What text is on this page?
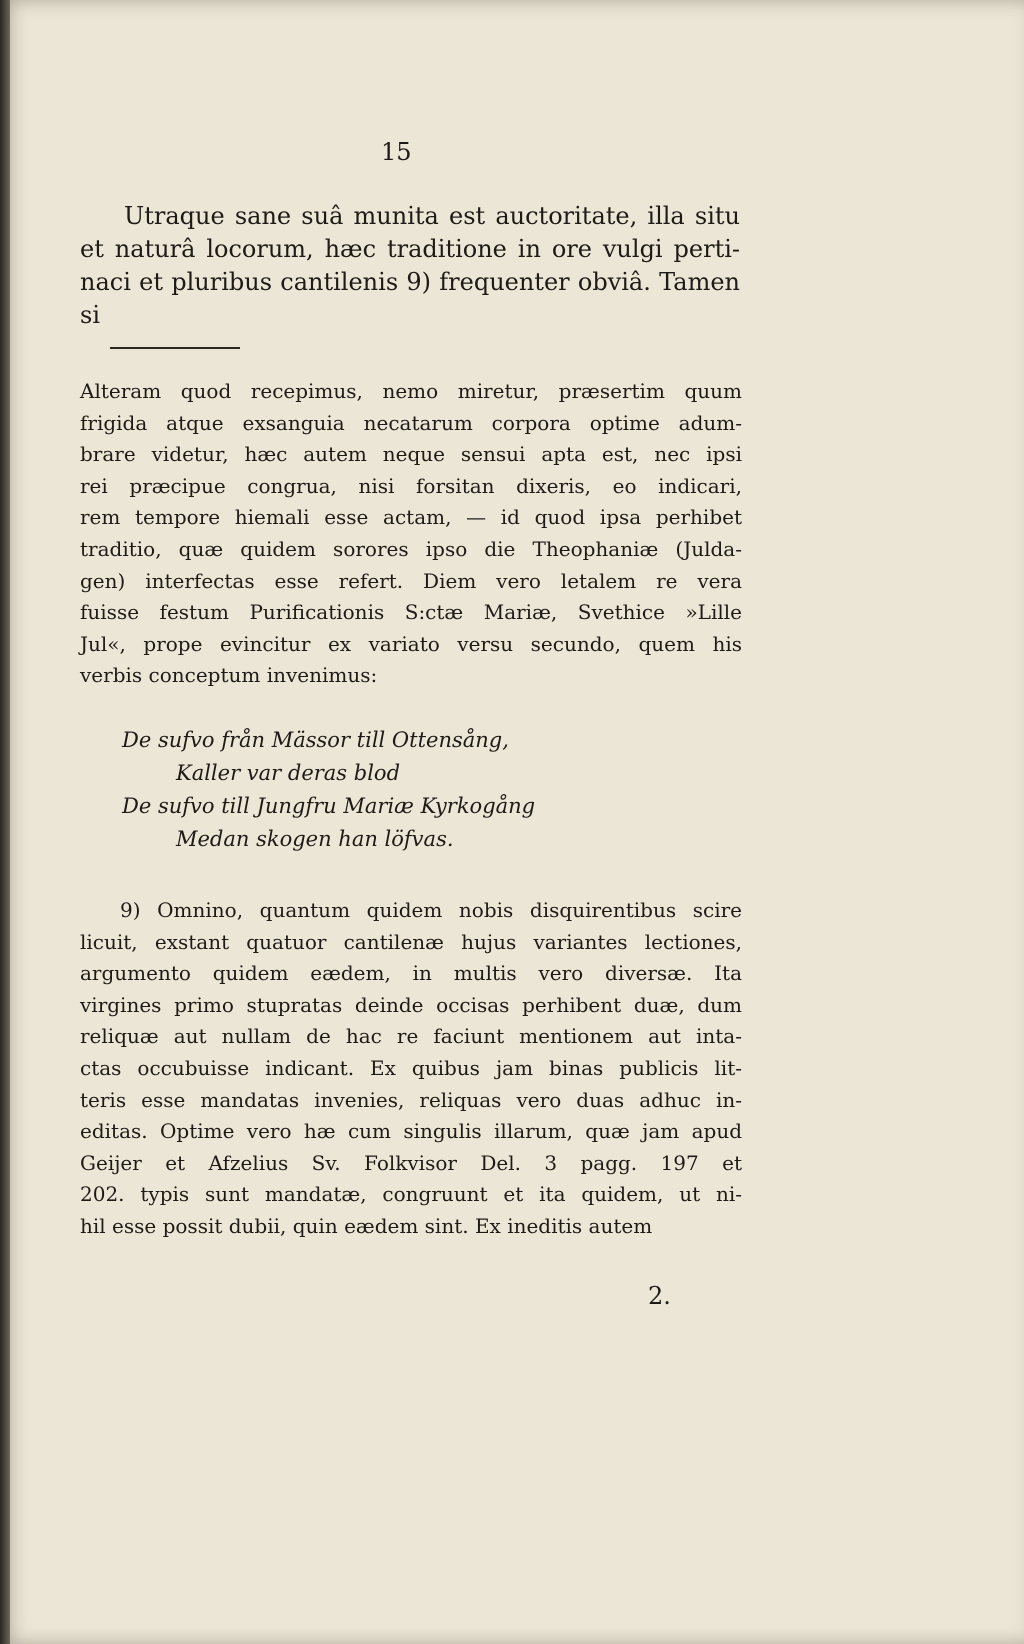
15

Utraque sane suâ munita est auctoritate, illa situ
et naturâ locorum, hæc traditione in ore vulgi perti-
naci et pluribus cantilenis 9) frequenter obviâ. Tamen si

Alteram quod recepimus, nemo miretur, præsertim quum
frigida atque exsanguia necatarum corpora optime adum-
brare videtur, hæc autem neque sensui apta est, nec ipsi
rei præcipue congrua, nisi forsitan dixeris, eo indicari,
rem tempore hiemali esse actam, — id quod ipsa perhibet
traditio, quæ quidem sorores ipso die Theophaniæ (Julda-
gen) interfectas esse refert. Diem vero letalem re vera
fuisse festum Purificationis S:ctæ Mariæ, Svethice »Lille
Jul«, prope evincitur ex variato versu secundo, quem his
verbis conceptum invenimus:

De sufvo från Mässor till Ottensång,
Kaller var deras blod
De sufvo till Jungfru Mariæ Kyrkogång
Medan skogen han löfvas.

9) Omnino, quantum quidem nobis disquirentibus scire
licuit, exstant quatuor cantilenæ hujus variantes lectiones,
argumento quidem eædem, in multis vero diversæ. Ita
virgines primo stupratas deinde occisas perhibent duæ, dum
reliquæ aut nullam de hac re faciunt mentionem aut inta-
ctas occubuisse indicant. Ex quibus jam binas publicis lit-
teris esse mandatas invenies, reliquas vero duas adhuc in-
editas. Optime vero hæ cum singulis illarum, quæ jam apud
Geijer et Afzelius Sv. Folkvisor Del. 3 pagg. 197 et
202. typis sunt mandatæ, congruunt et ita quidem, ut ni-
hil esse possit dubii, quin eædem sint. Ex ineditis autem

2.
